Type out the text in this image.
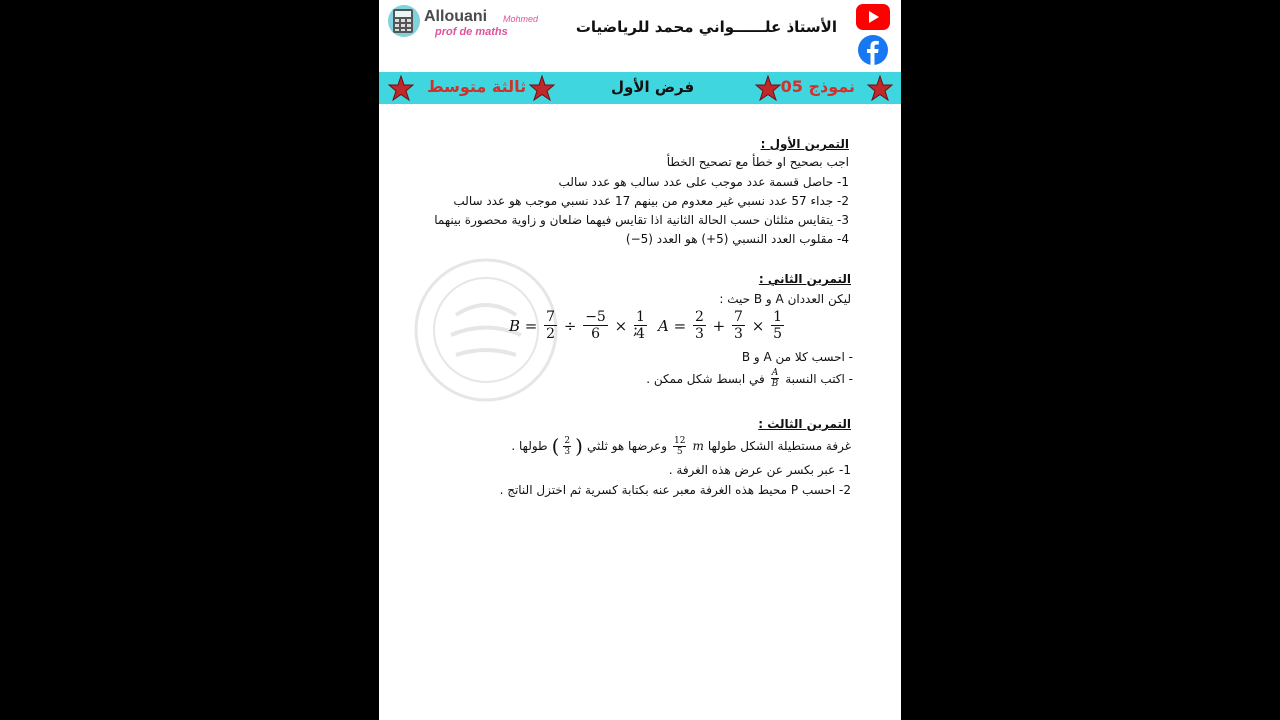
Allouani Mohmed
prof de maths	الأستاذ علــــــواني محمد للرياضيات
نموذج 05
فرض الأول
ثالثة متوسط
التمرين الأول :
اجب بصحيح او خطأ مع تصحيح الخطأ
1- حاصل قسمة عدد موجب على عدد سالب هو عدد سالب
2- جداء 57 عدد نسبي غير معدوم من بينهم 17 عدد نسبي موجب هو عدد سالب
3- يتقايس مثلثان حسب الحالة الثانية اذا تقايس فيهما ضلعان و زاوية محصورة بينهما
4- مقلوب العدد النسبي (5+) هو العدد (5−)
التمرين الثاني :
ليكن العددان A و B حيث :
$B = \frac{7}{2}$
÷
$\frac{-5}{6}$
×
$\frac{1}{4}$
; $A = \frac{2}{3}$
+
$\frac{7}{3}$
×
$\frac{1}{5}$
- احسب كلا من A و B
- اكتب النسبة
$\frac{A}{B}$
في ابسط شكل ممكن .
التمرين الثالث :
غرفة مستطيلة الشكل طولها
m
$\frac{12}{5}$
وعرضها هو ثلثي
(
$\frac{2}{3}$
)
طولها .
1- عبر بكسر عن عرض هذه الغرفة .
2- احسب P محيط هذه الغرفة معبر عنه بكتابة كسرية ثم اختزل الناتج .
